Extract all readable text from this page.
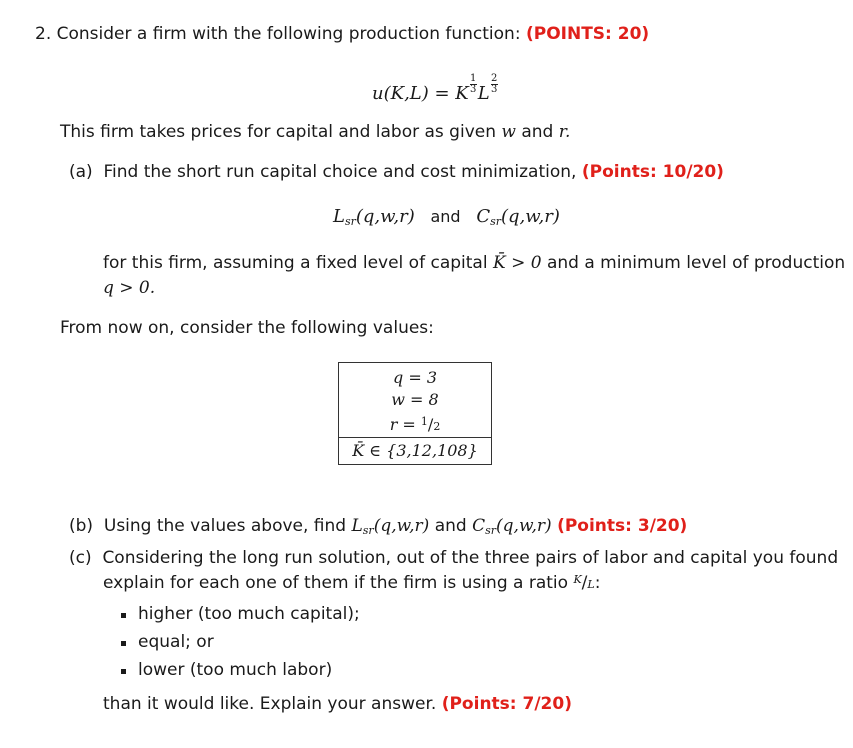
2. Consider a firm with the following production function: (POINTS: 20)
u(K,L) = K $\frac{1}{3}$ L $\frac{2}{3}$
This firm takes prices for capital and labor as given w and r.
(a) Find the short run capital choice and cost minimization, (Points: 10/20)
$L_{sr}(q,w,r)$ and $C_{sr}(q,w,r)$
for this firm, assuming a fixed level of capital K̄ > 0 and a minimum level of production
q > 0.
From now on, consider the following values:
q = 3
w = 8
r = $^1$/2
K̄ ∈ {3,12,108}
(b) Using the values above, find $L_{sr}(q,w,r)$ and $C_{sr}(q,w,r)$ (Points: 3/20)
(c) Considering the long run solution, out of the three pairs of labor and capital you found
explain for each one of them if the firm is using a ratio $^K$/L:
higher (too much capital);
equal; or
lower (too much labor)
than it would like. Explain your answer. (Points: 7/20)
